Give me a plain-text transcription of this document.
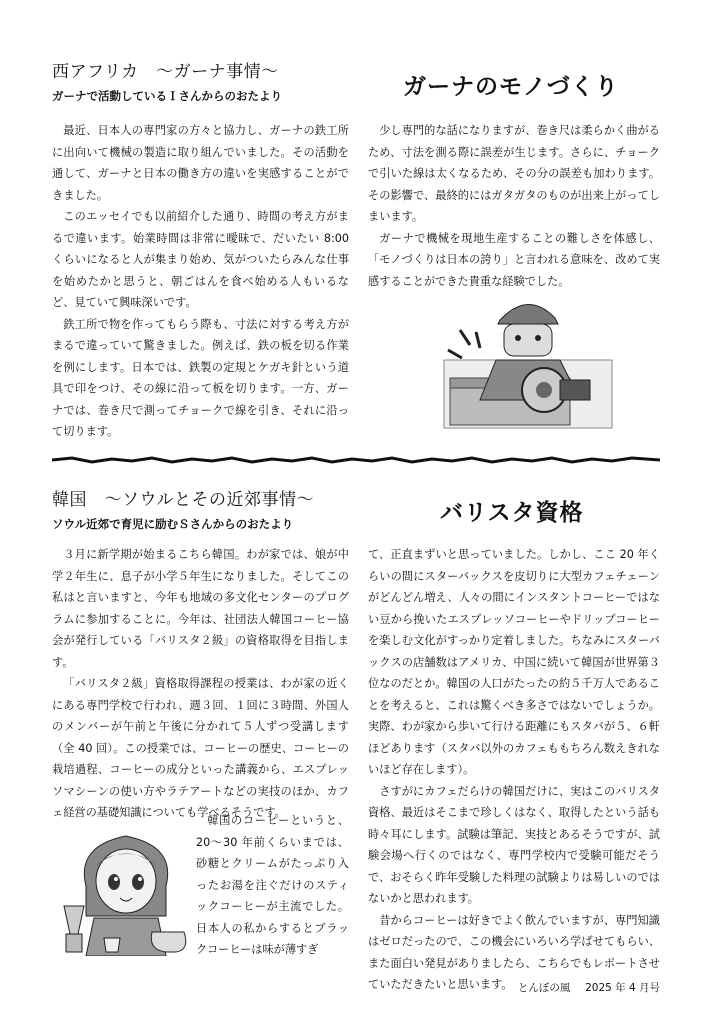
西アフリカ　～ガーナ事情～
ガーナで活動しているＩさんからのおたより	ガーナのモノづくり

最近、日本人の専門家の方々と協力し、ガーナの鉄工所に出向いて機械の製造に取り組んでいました。その活動を通して、ガーナと日本の働き方の違いを実感することができました。

このエッセイでも以前紹介した通り、時間の考え方がまるで違います。始業時間は非常に曖昧で、だいたい 8:00 くらいになると人が集まり始め、気がついたらみんな仕事を始めたかと思うと、朝ごはんを食べ始める人もいるなど、見ていて興味深いです。

鉄工所で物を作ってもらう際も、寸法に対する考え方がまるで違っていて驚きました。例えば、鉄の板を切る作業を例にします。日本では、鉄製の定規とケガキ針という道具で印をつけ、その線に沿って板を切ります。一方、ガーナでは、巻き尺で測ってチョークで線を引き、それに沿って切ります。

少し専門的な話になりますが、巻き尺は柔らかく曲がるため、寸法を測る際に誤差が生じます。さらに、チョークで引いた線は太くなるため、その分の誤差も加わります。その影響で、最終的にはガタガタのものが出来上がってしまいます。

ガーナで機械を現地生産することの難しさを体感し、「モノづくりは日本の誇り」と言われる意味を、改めて実感することができた貴重な経験でした。

韓国　～ソウルとその近郊事情～
ソウル近郊で育児に励むＳさんからのおたより	バリスタ資格

３月に新学期が始まるこちら韓国。わが家では、娘が中学２年生に、息子が小学５年生になりました。そしてこの私はと言いますと、今年も地域の多文化センターのプログラムに参加することに。今年は、社団法人韓国コーヒー協会が発行している「バリスタ２級」の資格取得を目指します。

「バリスタ２級」資格取得課程の授業は、わが家の近くにある専門学校で行われ、週３回、１回に３時間、外国人のメンバーが午前と午後に分かれて５人ずつ受講します（全 40 回）。この授業では、コーヒーの歴史、コーヒーの栽培過程、コーヒーの成分といった講義から、エスプレッソマシーンの使い方やラテアートなどの実技のほか、カフェ経営の基礎知識についても学べるそうです。

韓国のコーヒーというと、20～30 年前くらいまでは、砂糖とクリームがたっぷり入ったお湯を注ぐだけのスティックコーヒーが主流でした。日本人の私からするとブラックコーヒーは味が薄すぎ

て、正直まずいと思っていました。しかし、ここ 20 年くらいの間にスターバックスを皮切りに大型カフェチェーンがどんどん増え、人々の間にインスタントコーヒーではない豆から挽いたエスプレッソコーヒーやドリップコーヒーを楽しむ文化がすっかり定着しました。ちなみにスターバックスの店舗数はアメリカ、中国に続いて韓国が世界第３位なのだとか。韓国の人口がたったの約５千万人であることを考えると、これは驚くべき多さではないでしょうか。実際、わが家から歩いて行ける距離にもスタバが５、６軒ほどあります（スタバ以外のカフェももちろん数えきれないほど存在します）。

さすがにカフェだらけの韓国だけに、実はこのバリスタ資格、最近はそこまで珍しくはなく、取得したという話も時々耳にします。試験は筆記、実技とあるそうですが、試験会場へ行くのではなく、専門学校内で受験可能だそうで、おそらく昨年受験した料理の試験よりは易しいのではないかと思われます。

昔からコーヒーは好きでよく飲んでいますが、専門知識はゼロだったので、この機会にいろいろ学ばせてもらい、また面白い発見がありましたら、こちらでもレポートさせていただきたいと思います。 とんぼの風 2025 年 4 月号
